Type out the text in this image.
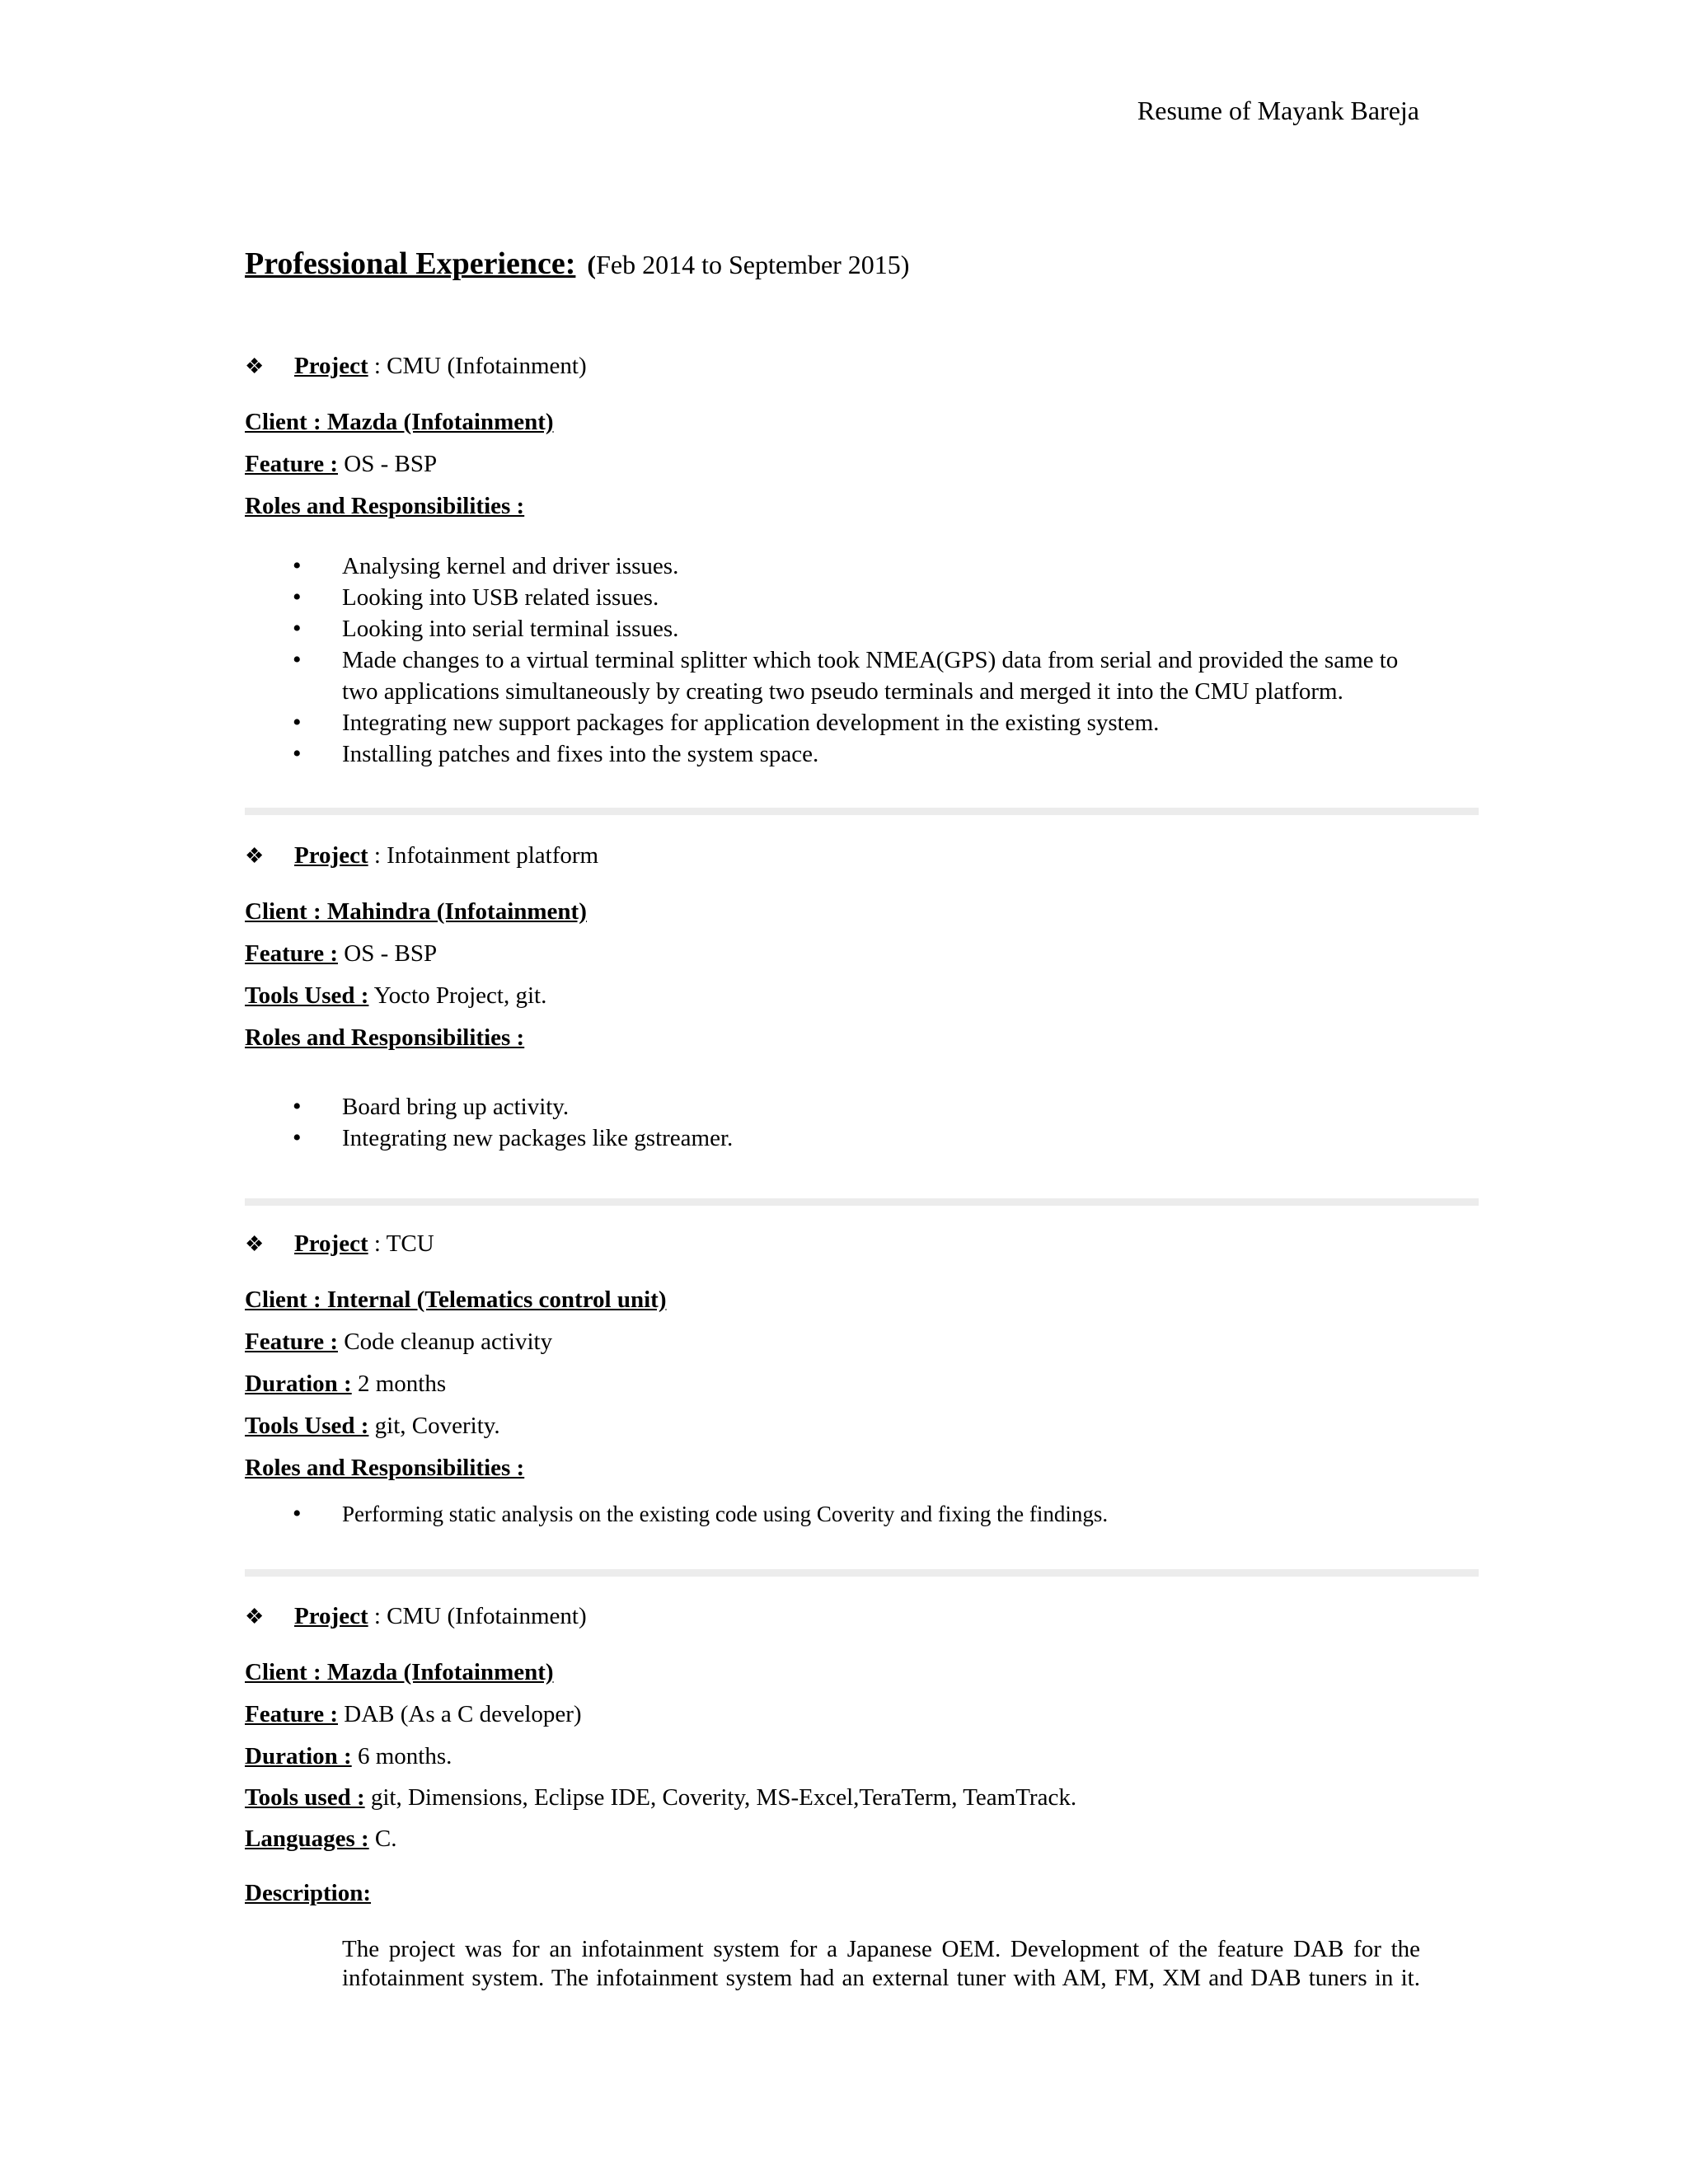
Resume of Mayank Bareja
Professional Experience: (Feb 2014 to September 2015)
❖ Project : CMU (Infotainment)
Client : Mazda (Infotainment)
Feature : OS - BSP
Roles and Responsibilities :
• Analysing kernel and driver issues.
• Looking into USB related issues.
• Looking into serial terminal issues.
• Made changes to a virtual terminal splitter which took NMEA(GPS) data from serial and provided the same to two applications simultaneously by creating two pseudo terminals and merged it into the CMU platform.
• Integrating new support packages for application development in the existing system.
• Installing patches and fixes into the system space.
❖ Project : Infotainment platform
Client : Mahindra (Infotainment)
Feature : OS - BSP
Tools Used : Yocto Project, git.
Roles and Responsibilities :
• Board bring up activity.
• Integrating new packages like gstreamer.
❖ Project : TCU
Client : Internal (Telematics control unit)
Feature : Code cleanup activity
Duration : 2 months
Tools Used : git, Coverity.
Roles and Responsibilities :
• Performing static analysis on the existing code using Coverity and fixing the findings.
❖ Project : CMU (Infotainment)
Client : Mazda (Infotainment)
Feature : DAB (As a C developer)
Duration : 6 months.
Tools used : git, Dimensions, Eclipse IDE, Coverity, MS-Excel,TeraTerm, TeamTrack.
Languages : C.
Description:
The project was for an infotainment system for a Japanese OEM. Development of the feature DAB for the infotainment system. The infotainment system had an external tuner with AM, FM, XM and DAB tuners in it.
